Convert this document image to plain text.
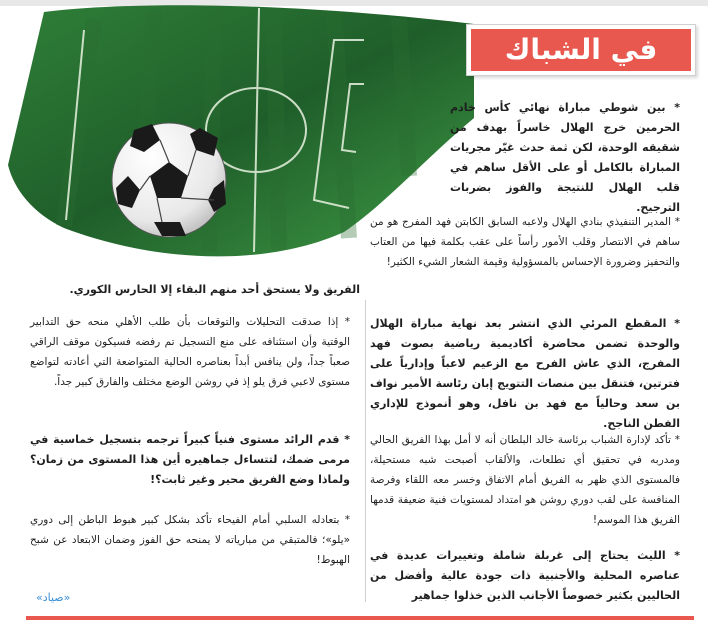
في الشباك

* بين شوطي مباراة نهائي كأس خادم الحرمين خرج الهلال خاسراً بهدف من شقيقه الوحدة، لكن ثمة حدث غيّر مجريات المباراة بالكامل أو على الأقل ساهم في قلب الهلال للنتيجة والفوز بضربات الترجيح.

* المدير التنفيذي بنادي الهلال ولاعبه السابق الكابتن فهد المفرج هو من ساهم في الانتصار وقلب الأمور رأساً على عقب بكلمة فيها من العتاب والتحفيز وضرورة الإحساس بالمسؤولية وقيمة الشعار الشيء الكثير!

* المقطع المرئي الذي انتشر بعد نهاية مباراة الهلال والوحدة تضمن محاضرة أكاديمية رياضية بصوت فهد المفرج، الذي عاش الفرح مع الزعيم لاعباً وإدارياً على فترتين، فتنقل بين منصات التتويج إبان رئاسة الأمير نواف بن سعد وحالياً مع فهد بن نافل، وهو أنموذج للإداري الفطن الناجح.

* تأكد لإدارة الشباب برئاسة خالد البلطان أنه لا أمل بهذا الفريق الحالي ومدربه في تحقيق أي تطلعات، والألقاب أصبحت شبه مستحيلة، فالمستوى الذي ظهر به الفريق أمام الاتفاق وخسر معه اللقاء وفرصة المنافسة على لقب دوري روشن هو امتداد لمستويات فنية ضعيفة قدمها الفريق هذا الموسم!

* الليث يحتاج إلى غربلة شاملة وتغييرات عديدة في عناصره المحلية والأجنبية ذات جودة عالية وأفضل من الحاليين بكثير خصوصاً الأجانب الذين خذلوا جماهير

الفريق ولا يستحق أحد منهم البقاء إلا الحارس الكوري.

* إذا صدقت التحليلات والتوقعات بأن طلب الأهلي منحه حق التدابير الوقتية وأن استئنافه على منع التسجيل تم رفضه فسيكون موقف الراقي صعباً جداً، ولن ينافس أبداً بعناصره الحالية المتواضعة التي أعادته لتواضع مستوى لاعبي فرق يلو إذ في روشن الوضع مختلف والفارق كبير جداً.

* قدم الرائد مستوى فنياً كبيراً ترجمه بتسجيل خماسية في مرمى ضمك، لتتساءل جماهيره أين هذا المستوى من زمان؟ ولماذا وضع الفريق محير وغير ثابت؟!

* بتعادله السلبي أمام الفيحاء تأكد بشكل كبير هبوط الباطن إلى دوري «يلو»؛ فالمتبقي من مبارياته لا يمنحه حق الفوز وضمان الابتعاد عن شبح الهبوط!

«صياد»
